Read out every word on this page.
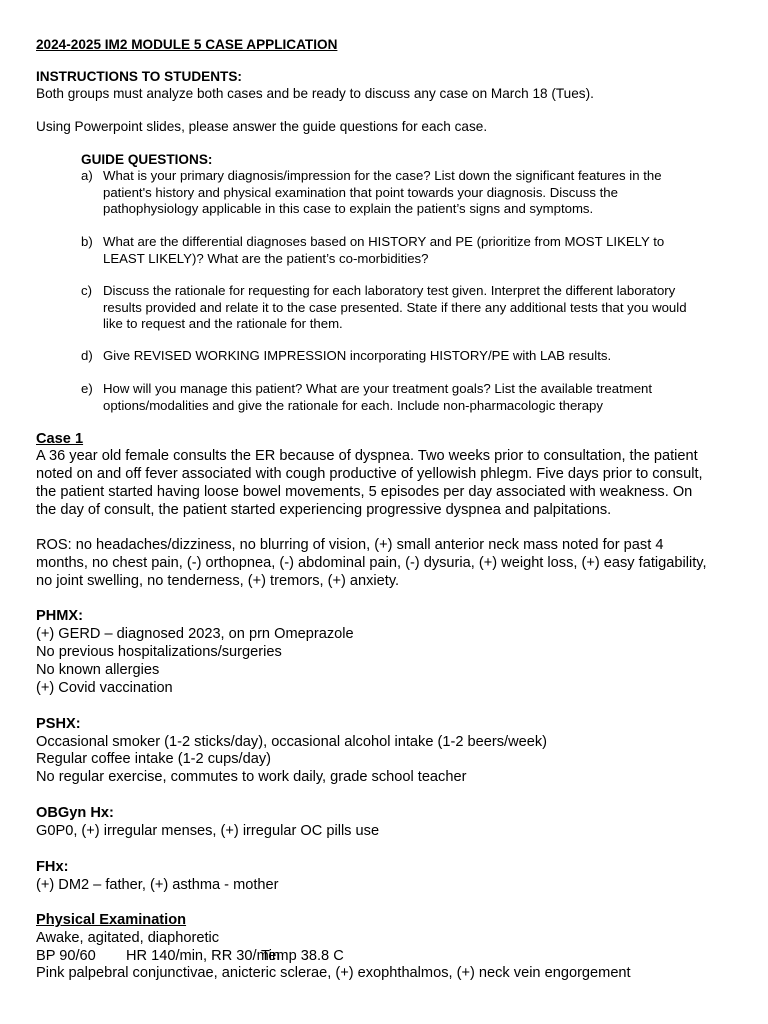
2024-2025 IM2 MODULE 5 CASE APPLICATION
INSTRUCTIONS TO STUDENTS:
Both groups must analyze both cases and be ready to discuss any case on March 18 (Tues).
Using Powerpoint slides, please answer the guide questions for each case.
GUIDE QUESTIONS:
a) What is your primary diagnosis/impression for the case? List down the significant features in the
patient's history and physical examination that point towards your diagnosis. Discuss the
pathophysiology applicable in this case to explain the patient’s signs and symptoms.
b) What are the differential diagnoses based on HISTORY and PE (prioritize from MOST LIKELY to
LEAST LIKELY)? What are the patient’s co-morbidities?
c) Discuss the rationale for requesting for each laboratory test given. Interpret the different laboratory
results provided and relate it to the case presented. State if there any additional tests that you would
like to request and the rationale for them.
d) Give REVISED WORKING IMPRESSION incorporating HISTORY/PE with LAB results.
e) How will you manage this patient? What are your treatment goals? List the available treatment
options/modalities and give the rationale for each. Include non-pharmacologic therapy
Case 1
A 36 year old female consults the ER because of dyspnea. Two weeks prior to consultation, the patient
noted on and off fever associated with cough productive of yellowish phlegm. Five days prior to consult,
the patient started having loose bowel movements, 5 episodes per day associated with weakness. On
the day of consult, the patient started experiencing progressive dyspnea and palpitations.
ROS: no headaches/dizziness, no blurring of vision, (+) small anterior neck mass noted for past 4
months, no chest pain, (-) orthopnea, (-) abdominal pain, (-) dysuria, (+) weight loss, (+) easy fatigability,
no joint swelling, no tenderness, (+) tremors, (+) anxiety.
PHMX:
(+) GERD – diagnosed 2023, on prn Omeprazole
No previous hospitalizations/surgeries
No known allergies
(+) Covid vaccination
PSHX:
Occasional smoker (1-2 sticks/day), occasional alcohol intake (1-2 beers/week)
Regular coffee intake (1-2 cups/day)
No regular exercise, commutes to work daily, grade school teacher
OBGyn Hx:
G0P0, (+) irregular menses, (+) irregular OC pills use
FHx:
(+) DM2 – father, (+) asthma - mother
Physical Examination
Awake, agitated, diaphoretic
BP 90/60 HR 140/min, RR 30/minTemp 38.8 C
Pink palpebral conjunctivae, anicteric sclerae, (+) exophthalmos, (+) neck vein engorgement
